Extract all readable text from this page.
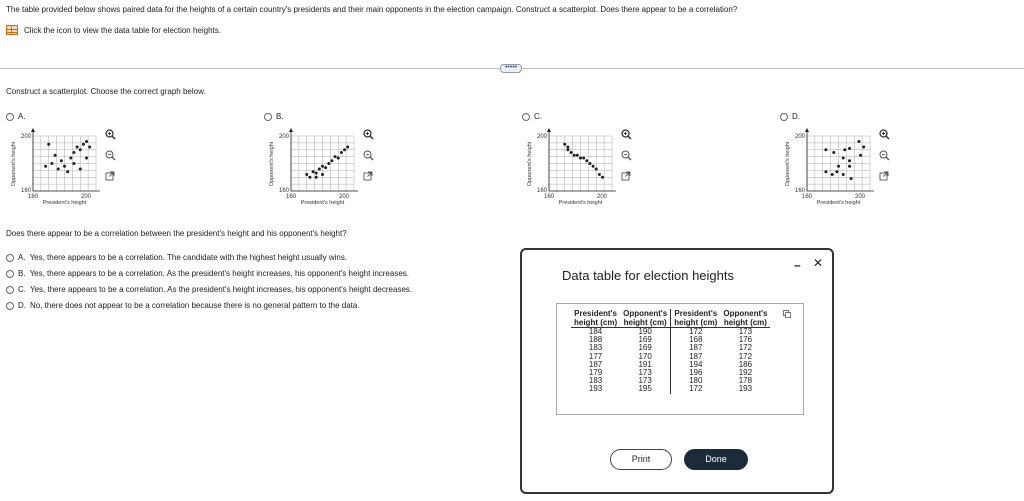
The table provided below shows paired data for the heights of a certain country's presidents and their main opponents in the election campaign. Construct a scatterplot. Does there appear to be a correlation?
Click the icon to view the data table for election heights.
•••••
Construct a scatterplot. Choose the correct graph below.
A.
200
160
160	200
President's height
Opponent's height
B.
200
160
160	200
President's height
Opponent's height
C.
200
160
160	200
President's height
Opponent's height
D.
200
160
160	200
President's height
Opponent's height
Does there appear to be a correlation between the president's height and his opponent's height?
A. Yes, there appears to be a correlation. The candidate with the highest height usually wins.
B. Yes, there appears to be a correlation. As the president's height increases, his opponent's height increases.
C. Yes, there appears to be a correlation. As the president's height increases, his opponent's height decreases.
D. No, there does not appear to be a correlation because there is no general pattern to the data.
Data table for election heights
– ✕
President's	Opponent's	President's	Opponent's
height (cm)	height (cm)	height (cm)	height (cm)
184	190	172	173
188	169	168	176
183	169	187	172
177	170	187	172
187	191	194	186
179	173	196	192
183	173	180	178
193	195	172	193
Print	Done
